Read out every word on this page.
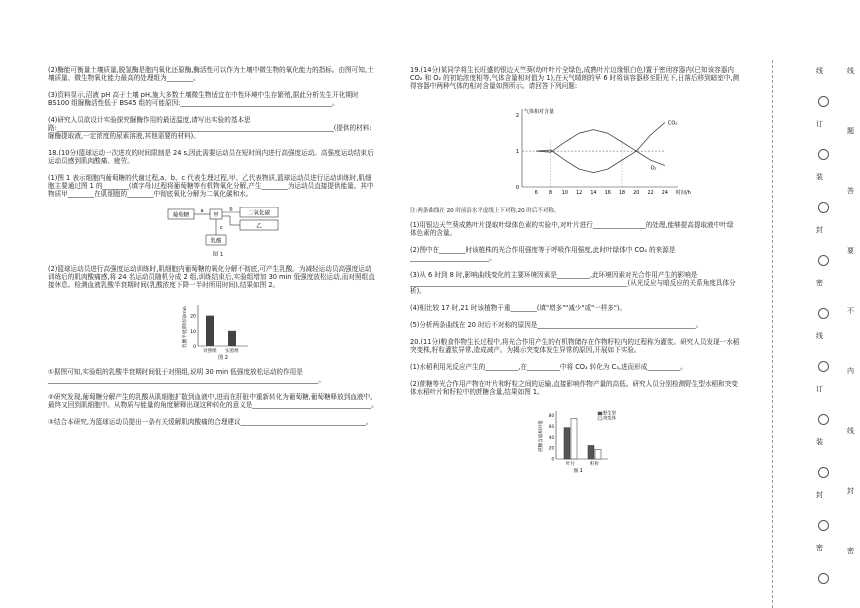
(2)酶能可衡量土壤质量,脱氢酶是胞内氧化还原酶,酶活性可以作为土壤中微生物的氧化能力的指标。由图可知,土壤质量、微生物氧化能力最高的处理组为________。

(3)资料显示,沼液 pH 高于土壤 pH,施大多数土壤微生物适宜在中性环境中生存繁殖,据此分析先生开化期时 BS100 组脲酶活性低于 BS45 组的可能原因:______________________________________________。

(4)研究人员欲设计实验探究脲酶作用的最适温度,请写出实验的基本思路:____________________________________________________________________________________(提供的材料:脲酶提取液,一定浓度的尿素溶液,其他需要的材料)。

18.(10分)篮球运动一次进攻的时间限制是 24 s,因此需要运动员在短时间内进行高强度运动。高强度运动结束后运动员感到肌肉酸痛、疲劳。

(1)图 1 表示细胞内葡萄糖的代谢过程,a、b、c 代表生理过程,甲、乙代表物质,篮球运动员进行运动训练时,肌细胞主要通过图 1 的________(填字母)过程将葡萄糖等有机物氧化分解,产生________为运动员直接提供能量。其中物质甲________在肌细胞的________中彻底氧化分解为二氧化碳和水。

葡萄糖
a
甲
b
二氧化碳
乙
c
乳酸
图 1

(2)篮球运动员进行高强度运动训练时,肌细胞内葡萄糖的氧化分解不彻底,可产生乳酸。为减轻运动员高强度运动训练后的肌肉酸痛感,将 24 名运动员随机分成 2 组,训练结束后,实验组增加 30 min 低强度放松运动,而对照组直接休息。检测血液乳酸半衰期时间(乳酸浓度下降一半时所用时间),结果如图 2。

0
10
20
乳酸半衰期时间/min
对照组 实验组
图 2

①据图可知,实验组的乳酸半衰期时间低于对照组,说明 30 min 低强度放松运动的作用是__________________________________________________________________________________。

②研究发现,葡萄糖分解产生的乳酸从肌细胞扩散到血液中,进而在肝脏中重新转化为葡萄糖,葡萄糖释放到血液中,最终又回到肌细胞中。从物质与能量的角度解释出现这种转化的意义是____________________________________。

③结合本研究,为篮球运动员提出一条有关缓解肌肉酸痛的合理建议______________________________________。

19.(14分)某同学将生长旺盛的银边天竺葵(幼叶叶片全绿色,成熟叶片边缘银白色)置于密闭容器内(已知该容器内 CO₂ 和 O₂ 的初始浓度相等,气体含量相对值为 1),在天气晴朗的早 6 时将该容器移至阳光下,日落后移到暗室中,测得容器中两种气体的相对含量如图所示。请回答下列问题:

气体相对含量
时间/h
2
1
0
6 8 10 12 14 16 18 20 22 24
CO₂
O₂
注:两条曲线在 20 时前沿水平虚线上下对称,20 时后不对称。

(1)用银边天竺葵成熟叶片提取叶绿体色素的实验中,对叶片进行________________的处理,能够提高提取液中叶绿体色素的含量。

(2)图中在________时该植株的光合作用强度等于呼吸作用强度,此时叶绿体中 CO₂ 的来源是________________________。

(3)从 6 时到 8 时,影响曲线变化的主要环境因素是__________,此环境因素对光合作用产生的影响是__________________________________________________________________(从光反应与暗反应的关系角度具体分析)。

(4)相比较 17 时,21 时该植物干重________(填"增多""减少"或"一样多")。

(5)分析两条曲线在 20 时后不对称的原因是________________________________________________。

20.(11分)粮食作物生长过程中,将光合作用产生的有机物储存在作物籽粒内的过程称为灌浆。研究人员发现一水稻突变株,籽粒灌浆异常,造成减产。为揭示突变体发生异常的原因,开展如下实验。

(1)水稻利用光反应产生的__________,在__________中将 CO₂ 转化为 C₃,进而形成__________。

(2)蔗糖等光合作用产物在叶片和籽粒之间的运输,直接影响作物产量的高低。研究人员分别检测野生型水稻和突变体水稻叶片和籽粒中的蔗糖含量,结果如图 1。

0
20
40
60
80
蔗糖含量相对值
叶片	籽粒
野生型
突变体
图 1
线
订
装
封
密
线
订
装
封
密
线
题
答
要
不
内
线
封
密
